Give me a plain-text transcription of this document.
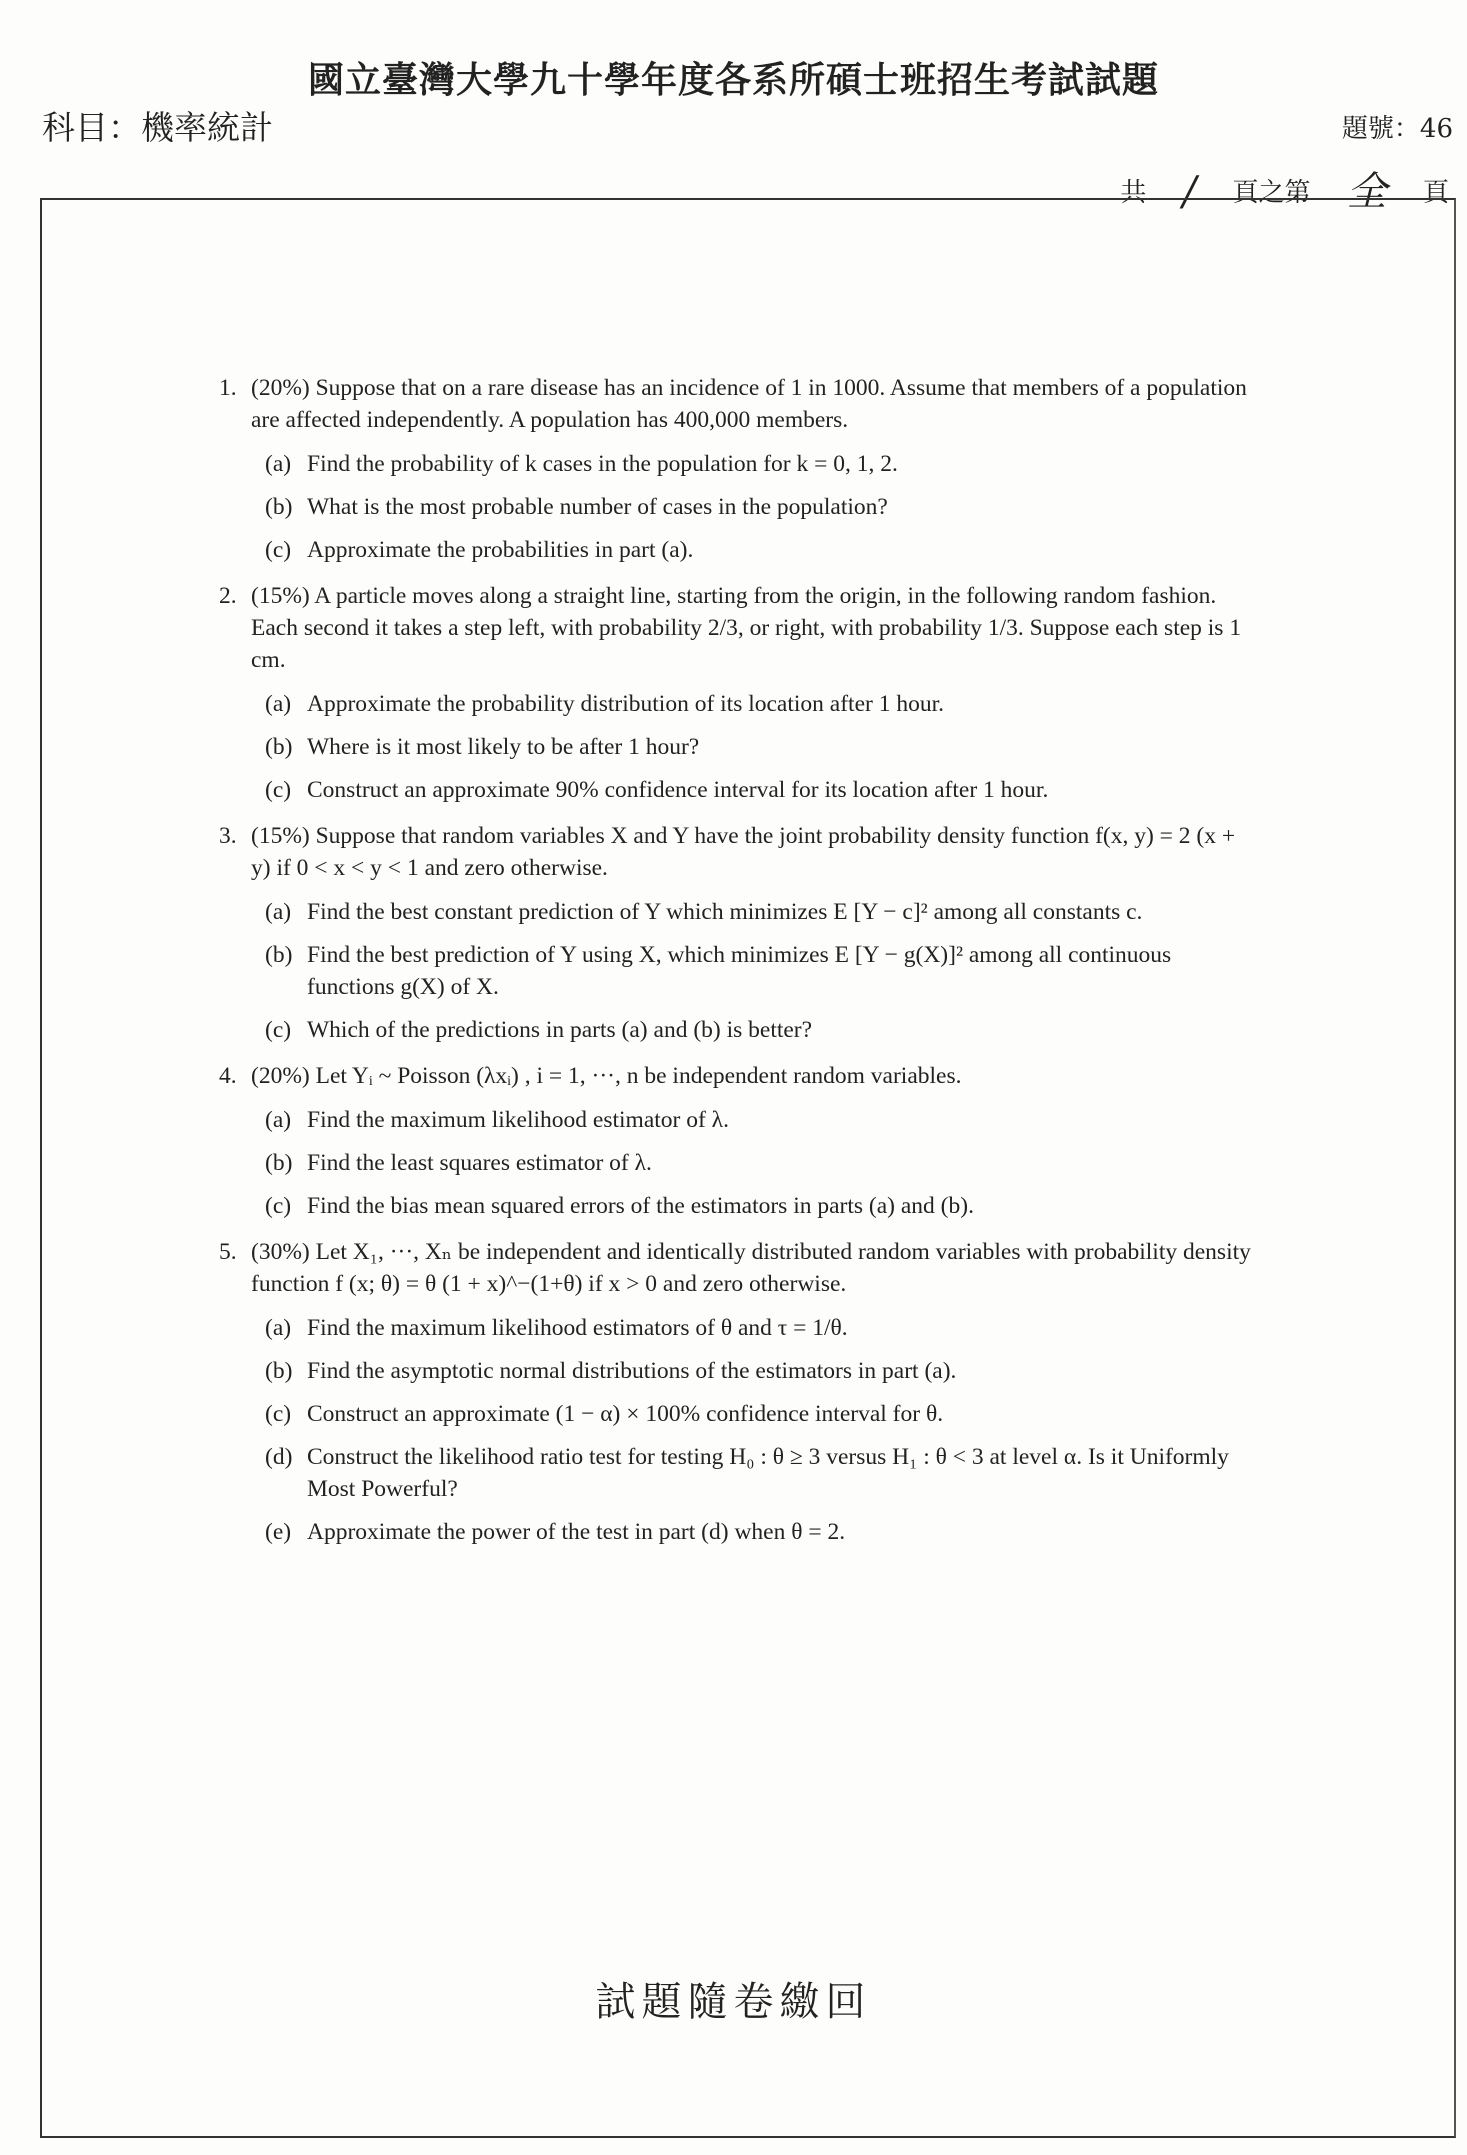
國立臺灣大學九十學年度各系所碩士班招生考試試題
科目：機率統計	題號：46
共 / 頁之第 全 頁
1. (20%) Suppose that on a rare disease has an incidence of 1 in 1000. Assume that members of a population are affected independently. A population has 400,000 members.
(a) Find the probability of k cases in the population for k = 0, 1, 2.
(b) What is the most probable number of cases in the population?
(c) Approximate the probabilities in part (a).
2. (15%) A particle moves along a straight line, starting from the origin, in the following random fashion. Each second it takes a step left, with probability 2/3, or right, with probability 1/3. Suppose each step is 1 cm.
(a) Approximate the probability distribution of its location after 1 hour.
(b) Where is it most likely to be after 1 hour?
(c) Construct an approximate 90% confidence interval for its location after 1 hour.
3. (15%) Suppose that random variables X and Y have the joint probability density function f(x, y) = 2 (x + y) if 0 < x < y < 1 and zero otherwise.
(a) Find the best constant prediction of Y which minimizes E [Y − c]² among all constants c.
(b) Find the best prediction of Y using X, which minimizes E [Y − g(X)]² among all continuous functions g(X) of X.
(c) Which of the predictions in parts (a) and (b) is better?
4. (20%) Let Yᵢ ~ Poisson (λxᵢ) , i = 1, ···, n be independent random variables.
(a) Find the maximum likelihood estimator of λ.
(b) Find the least squares estimator of λ.
(c) Find the bias mean squared errors of the estimators in parts (a) and (b).
5. (30%) Let X₁, ···, Xₙ be independent and identically distributed random variables with probability density function f (x; θ) = θ (1 + x)^−(1+θ) if x > 0 and zero otherwise.
(a) Find the maximum likelihood estimators of θ and τ = 1/θ.
(b) Find the asymptotic normal distributions of the estimators in part (a).
(c) Construct an approximate (1 − α) × 100% confidence interval for θ.
(d) Construct the likelihood ratio test for testing H₀ : θ ≥ 3 versus H₁ : θ < 3 at level α. Is it Uniformly Most Powerful?
(e) Approximate the power of the test in part (d) when θ = 2.
試題隨卷繳回
